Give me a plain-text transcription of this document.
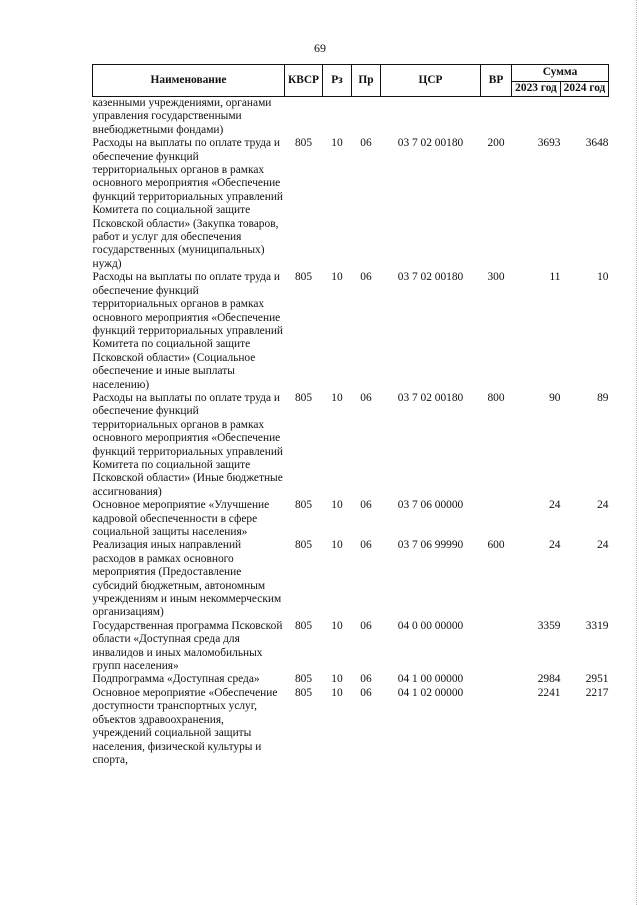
69
Наименование	КВСР	Рз	Пр	ЦСР	ВР	Сумма	
						2023 год	2024 год
казенными учреждениями, органами управления государственными внебюджетными фондами)							
Расходы на выплаты по оплате труда и обеспечение функций территориальных органов в рамках основного мероприятия «Обеспечение функций территориальных управлений Комитета по социальной защите Псковской области» (Закупка товаров, работ и услуг для обеспечения государственных (муниципальных) нужд)	805	10	06	03 7 02 00180	200	3693	3648
Расходы на выплаты по оплате труда и обеспечение функций территориальных органов в рамках основного мероприятия «Обеспечение функций территориальных управлений Комитета по социальной защите Псковской области» (Социальное обеспечение и иные выплаты населению)	805	10	06	03 7 02 00180	300	11	10
Расходы на выплаты по оплате труда и обеспечение функций территориальных органов в рамках основного мероприятия «Обеспечение функций территориальных управлений Комитета по социальной защите Псковской области» (Иные бюджетные ассигнования)	805	10	06	03 7 02 00180	800	90	89
Основное мероприятие «Улучшение кадровой обеспеченности в сфере социальной защиты населения»	805	10	06	03 7 06 00000		24	24
Реализация иных направлений расходов в рамках основного мероприятия (Предоставление субсидий бюджетным, автономным учреждениям и иным некоммерческим организациям)	805	10	06	03 7 06 99990	600	24	24
Государственная программа Псковской области «Доступная среда для инвалидов и иных маломобильных групп населения»	805	10	06	04 0 00 00000		3359	3319
Подпрограмма «Доступная среда»	805	10	06	04 1 00 00000		2984	2951
Основное мероприятие «Обеспечение доступности транспортных услуг, объектов здравоохранения, учреждений социальной защиты населения, физической культуры и спорта,	805	10	06	04 1 02 00000		2241	2217
